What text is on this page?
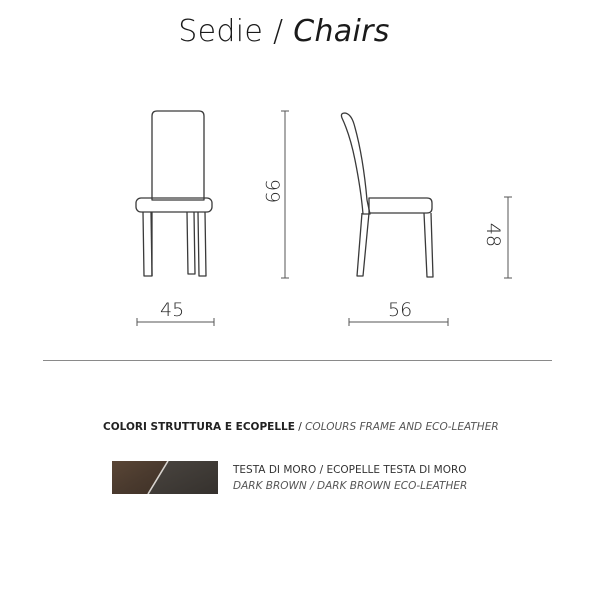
Sedie / Chairs
45
99
56
48
COLORI STRUTTURA E ECOPELLE / COLOURS FRAME AND ECO-LEATHER
TESTA DI MORO / ECOPELLE TESTA DI MORO
DARK BROWN / DARK BROWN ECO-LEATHER
